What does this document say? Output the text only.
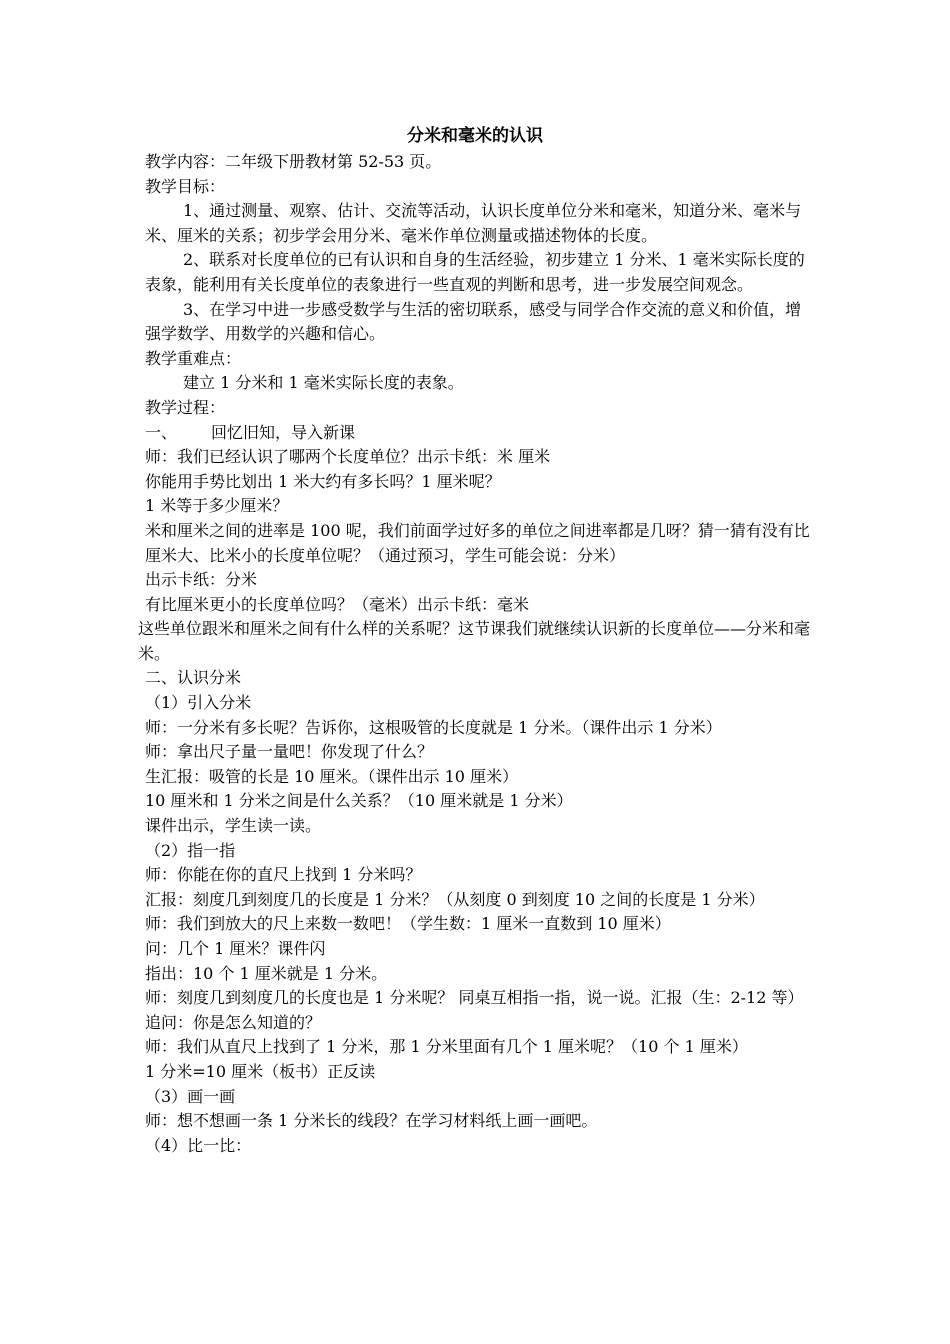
分米和毫米的认识

教学内容：二年级下册教材第 52-53 页。

教学目标：

1、通过测量、观察、估计、交流等活动，认识长度单位分米和毫米，知道分米、毫米与米、厘米的关系；初步学会用分米、毫米作单位测量或描述物体的长度。

2、联系对长度单位的已有认识和自身的生活经验，初步建立 1 分米、1 毫米实际长度的表象，能利用有关长度单位的表象进行一些直观的判断和思考，进一步发展空间观念。

3、在学习中进一步感受数学与生活的密切联系，感受与同学合作交流的意义和价值，增强学数学、用数学的兴趣和信心。

教学重难点：

建立 1 分米和 1 毫米实际长度的表象。

教学过程：

一、 回忆旧知，导入新课

师：我们已经认识了哪两个长度单位？出示卡纸：米 厘米

你能用手势比划出 1 米大约有多长吗？1 厘米呢？

1 米等于多少厘米？

米和厘米之间的进率是 100 呢，我们前面学过好多的单位之间进率都是几呀？猜一猜有没有比厘米大、比米小的长度单位呢？（通过预习，学生可能会说：分米）

出示卡纸：分米

有比厘米更小的长度单位吗？（毫米）出示卡纸：毫米

这些单位跟米和厘米之间有什么样的关系呢？这节课我们就继续认识新的长度单位——分米和毫米。

二、认识分米

（1）引入分米

师：一分米有多长呢？告诉你，这根吸管的长度就是 1 分米。（课件出示 1 分米）

师：拿出尺子量一量吧！你发现了什么？

生汇报：吸管的长是 10 厘米。（课件出示 10 厘米）

10 厘米和 1 分米之间是什么关系？（10 厘米就是 1 分米）

课件出示，学生读一读。

（2）指一指

师：你能在你的直尺上找到 1 分米吗？

汇报：刻度几到刻度几的长度是 1 分米？（从刻度 0 到刻度 10 之间的长度是 1 分米）

师：我们到放大的尺上来数一数吧！（学生数：1 厘米一直数到 10 厘米）

问：几个 1 厘米？课件闪

指出：10 个 1 厘米就是 1 分米。

师：刻度几到刻度几的长度也是 1 分米呢？ 同桌互相指一指，说一说。汇报（生：2-12 等）追问：你是怎么知道的？

师：我们从直尺上找到了 1 分米，那 1 分米里面有几个 1 厘米呢？（10 个 1 厘米）

1 分米=10 厘米（板书）正反读

（3）画一画

师：想不想画一条 1 分米长的线段？在学习材料纸上画一画吧。

（4）比一比：
